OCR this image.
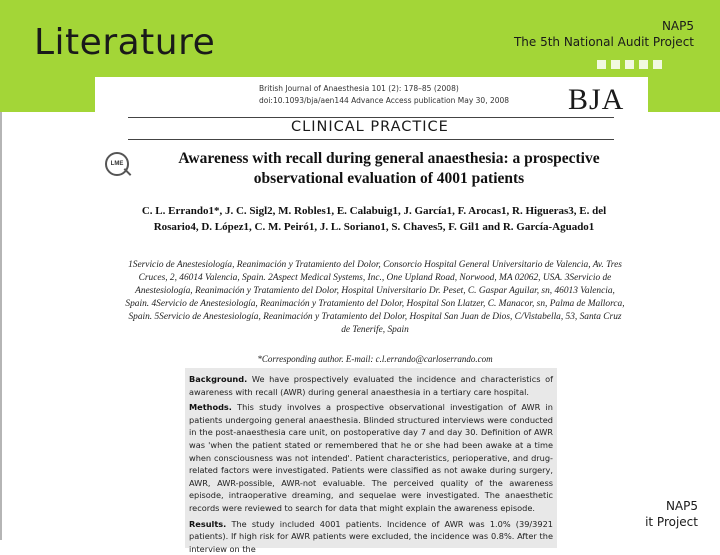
Literature	NAP5
The 5th National Audit Project
British Journal of Anaesthesia 101 (2): 178–85 (2008)
doi:10.1093/bja/aen144 Advance Access publication May 30, 2008 BJA
CLINICAL PRACTICE
LME	Awareness with recall during general anaesthesia: a prospective observational evaluation of 4001 patients
C. L. Errando1*, J. C. Sigl2, M. Robles1, E. Calabuig1, J. García1, F. Arocas1, R. Higueras3, E. del Rosario4, D. López1, C. M. Peiró1, J. L. Soriano1, S. Chaves5, F. Gil1 and R. García-Aguado1
1Servicio de Anestesiología, Reanimación y Tratamiento del Dolor, Consorcio Hospital General Universitario de Valencia, Av. Tres Cruces, 2, 46014 Valencia, Spain. 2Aspect Medical Systems, Inc., One Upland Road, Norwood, MA 02062, USA. 3Servicio de Anestesiología, Reanimación y Tratamiento del Dolor, Hospital Universitario Dr. Peset, C. Gaspar Aguilar, sn, 46013 Valencia, Spain. 4Servicio de Anestesiología, Reanimación y Tratamiento del Dolor, Hospital Son Llatzer, C. Manacor, sn, Palma de Mallorca, Spain. 5Servicio de Anestesiología, Reanimación y Tratamiento del Dolor, Hospital San Juan de Dios, C/Vistabella, 53, Santa Cruz de Tenerife, Spain
*Corresponding author. E-mail: c.l.errando@carloserrando.com

Background. We have prospectively evaluated the incidence and characteristics of awareness with recall (AWR) during general anaesthesia in a tertiary care hospital.

Methods. This study involves a prospective observational investigation of AWR in patients undergoing general anaesthesia. Blinded structured interviews were conducted in the post-anaesthesia care unit, on postoperative day 7 and day 30. Definition of AWR was 'when the patient stated or remembered that he or she had been awake at a time when consciousness was not intended'. Patient characteristics, perioperative, and drug-related factors were investigated. Patients were classified as not awake during surgery, AWR, AWR-possible, AWR-not evaluable. The perceived quality of the awareness episode, intraoperative dreaming, and sequelae were investigated. The anaesthetic records were reviewed to search for data that might explain the awareness episode.

Results. The study included 4001 patients. Incidence of AWR was 1.0% (39/3921 patients). If high risk for AWR patients were excluded, the incidence was 0.8%. After the interview on the

NAP5
it Project
